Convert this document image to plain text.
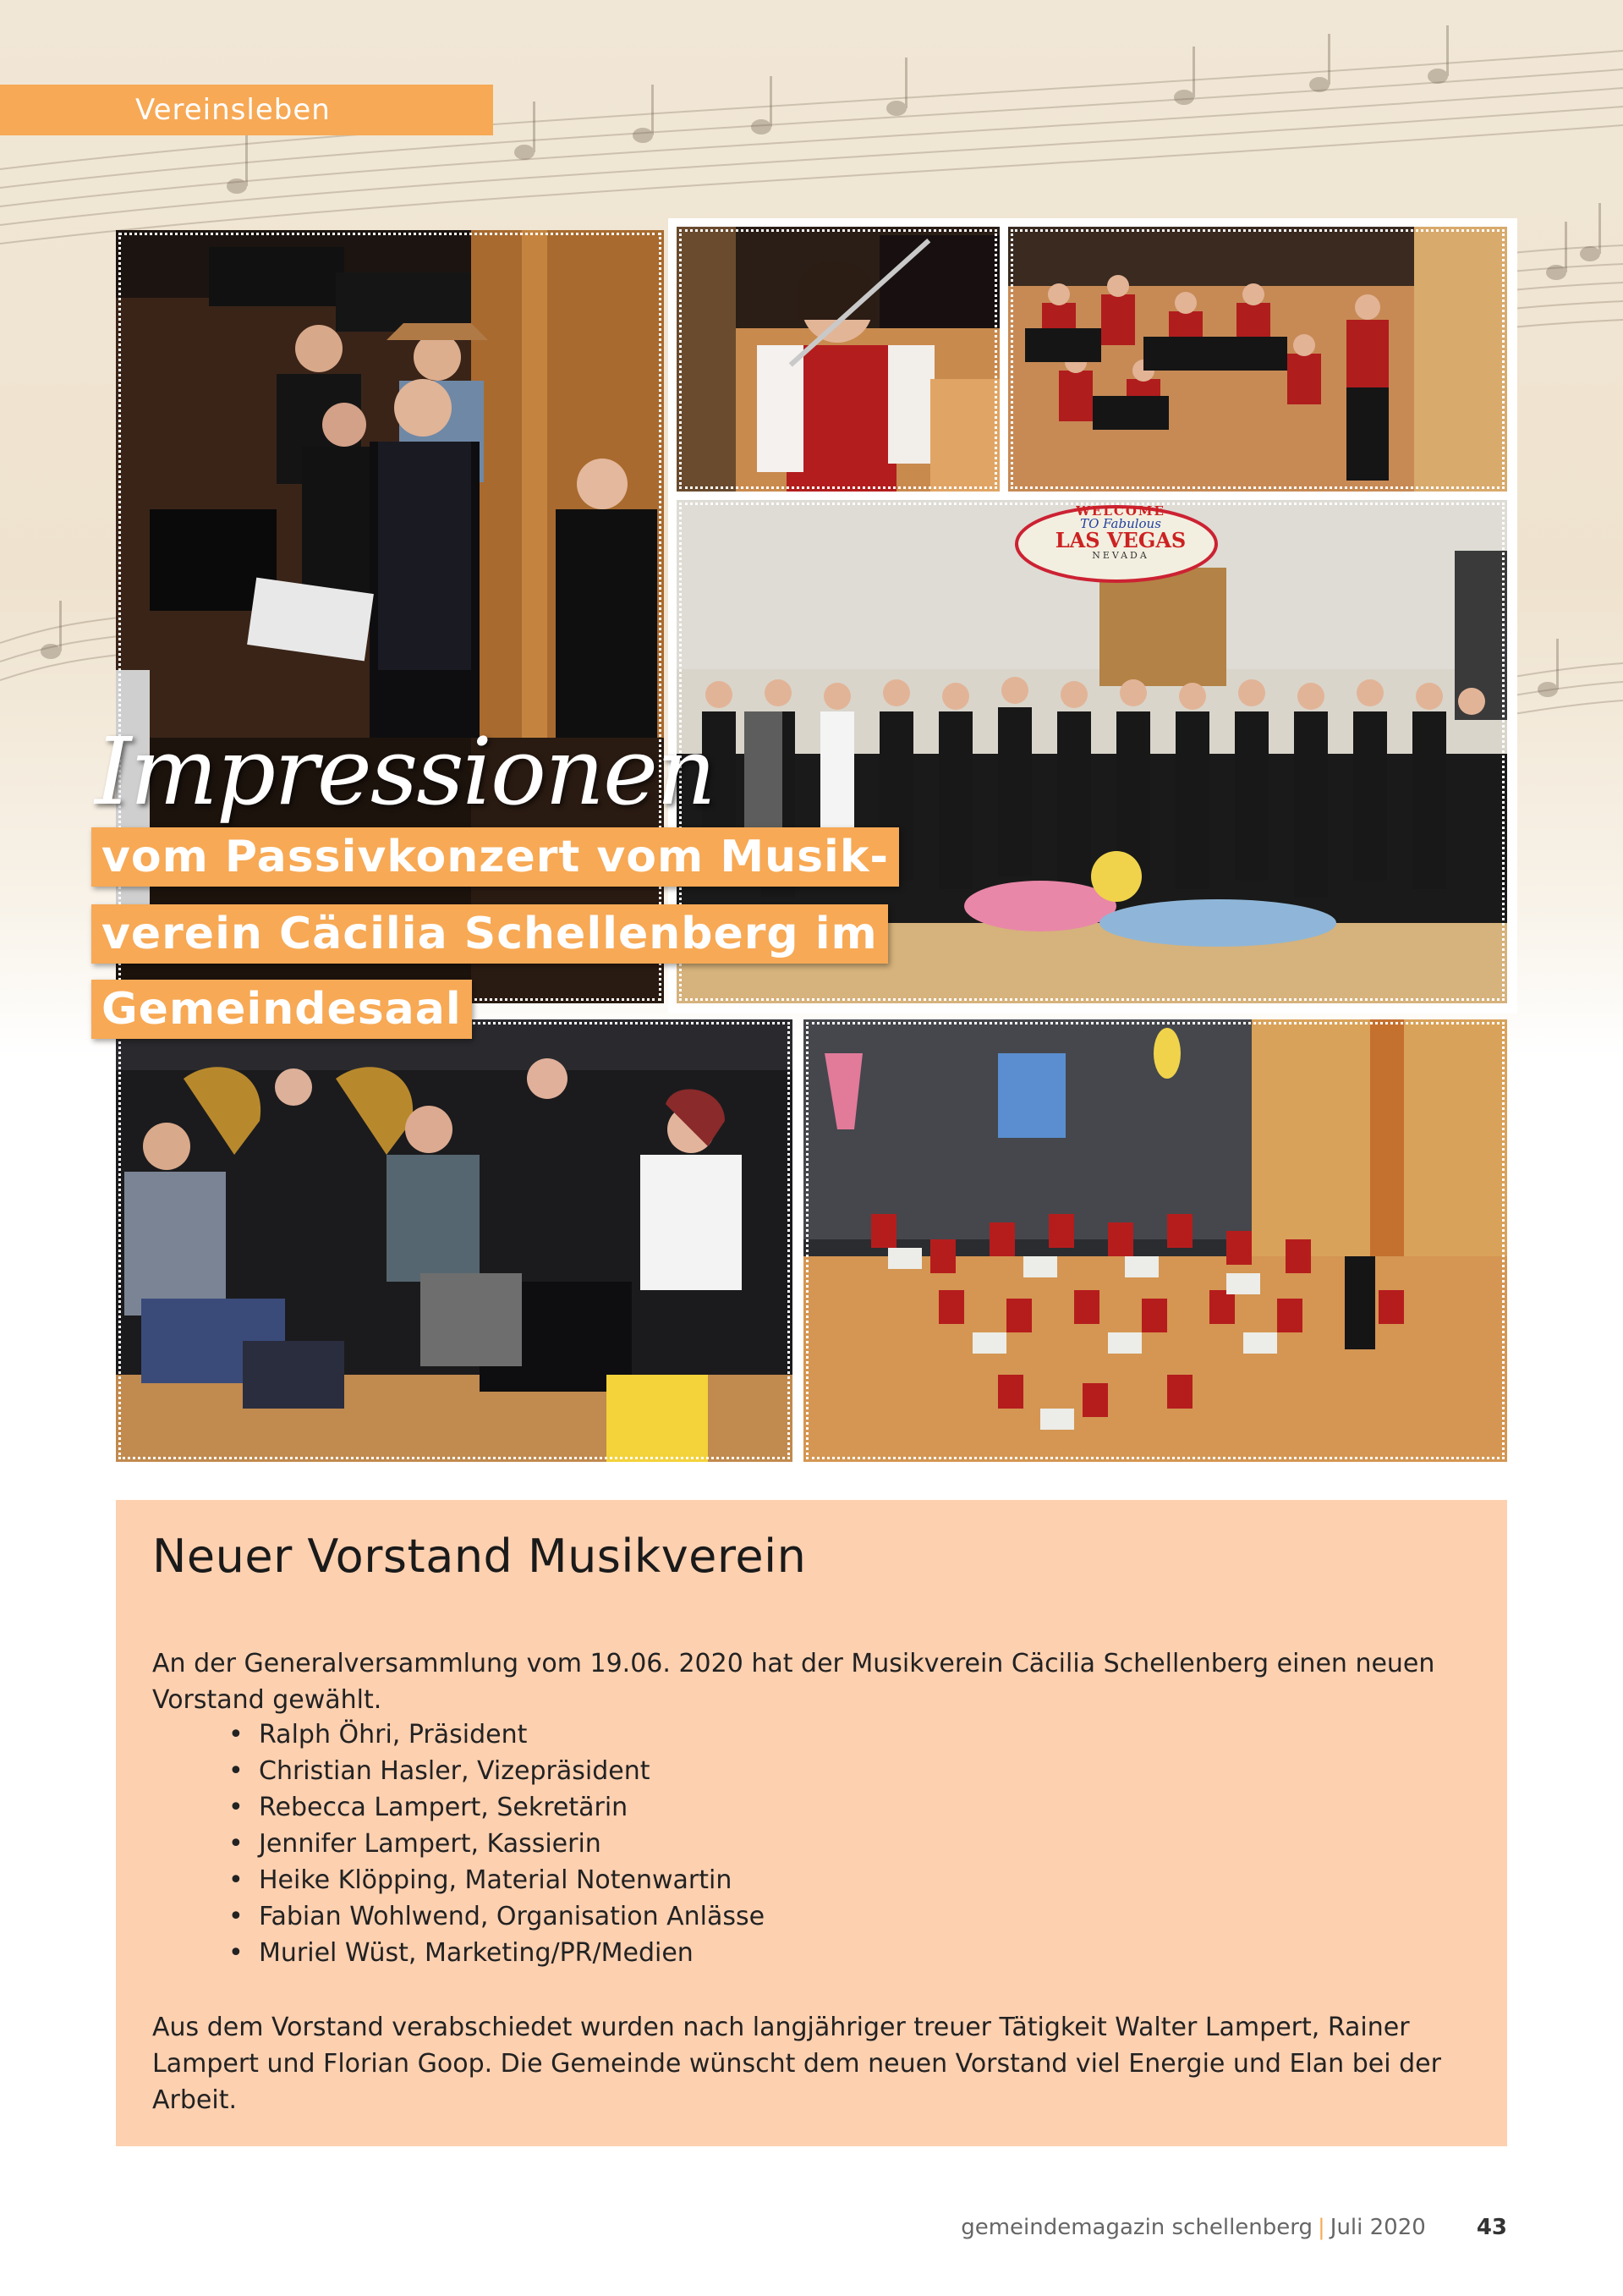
Vereinsleben
WELCOME
TO Fabulous
LAS VEGAS
NEVADA
Impressionen
vom Passivkonzert vom Musik-
verein Cäcilia Schellenberg im
Gemeindesaal
Neuer Vorstand Musikverein

An der Generalversammlung vom 19.06. 2020 hat der Musikverein Cäcilia Schellenberg einen neuen Vorstand gewählt.

• Ralph Öhri, Präsident
• Christian Hasler, Vizepräsident
• Rebecca Lampert, Sekretärin
• Jennifer Lampert, Kassierin
• Heike Klöpping, Material Notenwartin
• Fabian Wohlwend, Organisation Anlässe
• Muriel Wüst, Marketing/PR/Medien

Aus dem Vorstand verabschiedet wurden nach langjähriger treuer Tätigkeit Walter Lampert, Rainer Lampert und Florian Goop. Die Gemeinde wünscht dem neuen Vorstand viel Energie und Elan bei der Arbeit.

gemeindemagazin schellenberg | Juli 2020 43
